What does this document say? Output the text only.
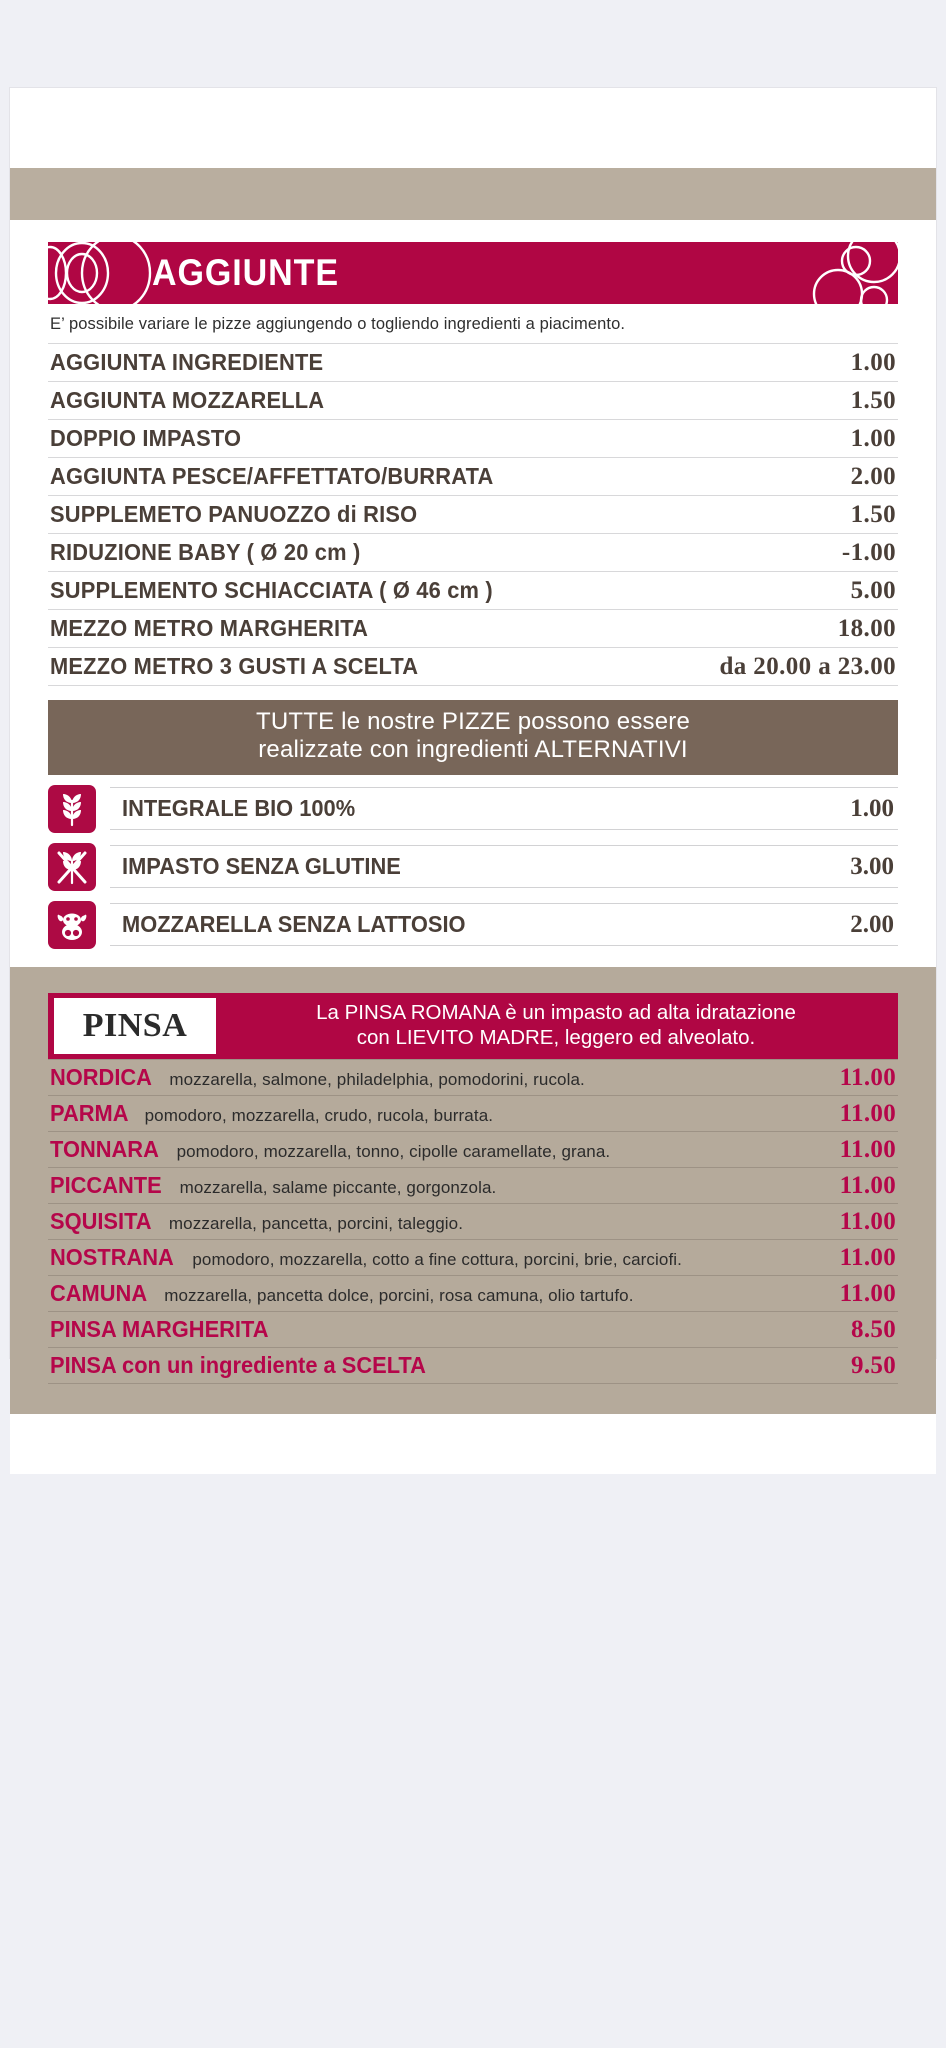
AGGIUNTE
E’ possibile variare le pizze aggiungendo o togliendo ingredienti a piacimento.
AGGIUNTA INGREDIENTE	1.00
AGGIUNTA MOZZARELLA	1.50
DOPPIO IMPASTO	1.00
AGGIUNTA PESCE/AFFETTATO/BURRATA	2.00
SUPPLEMETO PANUOZZO di RISO	1.50
RIDUZIONE BABY ( Ø 20 cm )	-1.00
SUPPLEMENTO SCHIACCIATA ( Ø 46 cm )	5.00
MEZZO METRO MARGHERITA	18.00
MEZZO METRO 3 GUSTI A SCELTA	da 20.00 a 23.00
TUTTE le nostre PIZZE possono essere
realizzate con ingredienti ALTERNATIVI
INTEGRALE BIO 100%	1.00
IMPASTO SENZA GLUTINE	3.00
MOZZARELLA SENZA LATTOSIO	2.00
PINSA	La PINSA ROMANA è un impasto ad alta idratazione
con LIEVITO MADRE, leggero ed alveolato.
NORDICA	mozzarella, salmone, philadelphia, pomodorini, rucola.	11.00
PARMA pomodoro, mozzarella, crudo, rucola, burrata.	11.00
TONNARA	pomodoro, mozzarella, tonno, cipolle caramellate, grana.	11.00
PICCANTE	mozzarella, salame piccante, gorgonzola.	11.00
SQUISITA	mozzarella, pancetta, porcini, taleggio.	11.00
NOSTRANA	pomodoro, mozzarella, cotto a fine cottura, porcini, brie, carciofi.	11.00
CAMUNA	mozzarella, pancetta dolce, porcini, rosa camuna, olio tartufo.	11.00
PINSA MARGHERITA	8.50
PINSA con un ingrediente a SCELTA	9.50
